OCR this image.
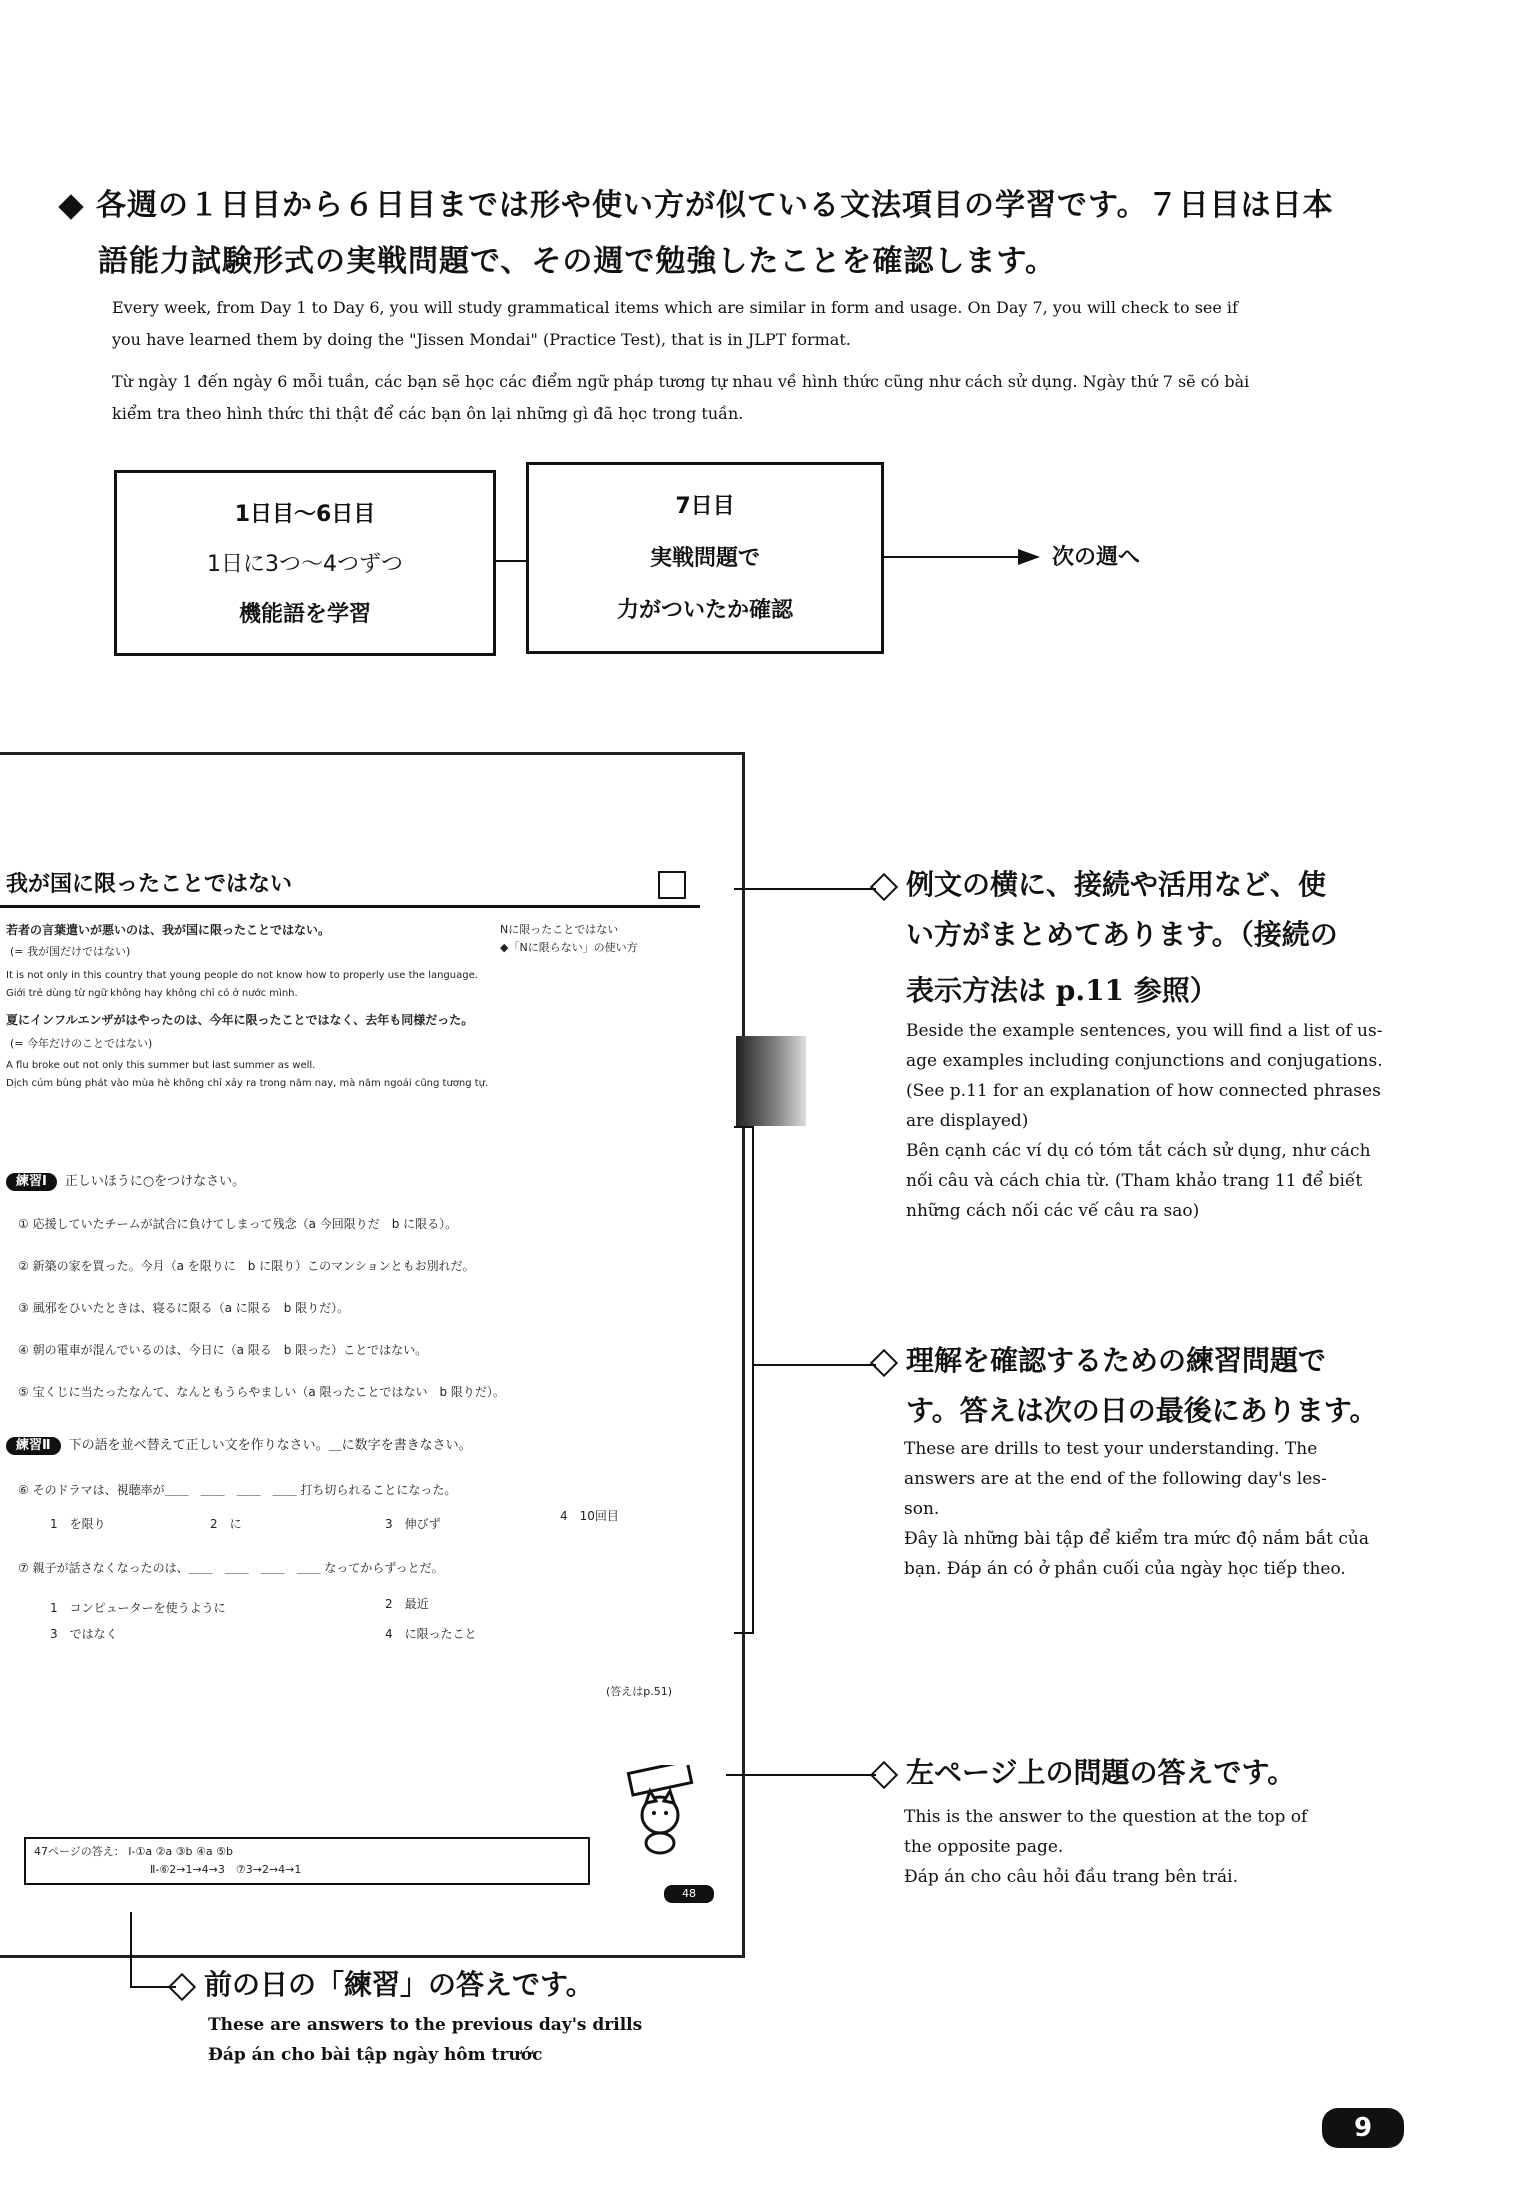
各週の１日目から６日目までは形や使い方が似ている文法項目の学習です。７日目は日本
語能力試験形式の実戦問題で、その週で勉強したことを確認します。
Every week, from Day 1 to Day 6, you will study grammatical items which are similar in form and usage. On Day 7, you will check to see if
you have learned them by doing the "Jissen Mondai" (Practice Test), that is in JLPT format.
Từ ngày 1 đến ngày 6 mỗi tuần, các bạn sẽ học các điểm ngữ pháp tương tự nhau về hình thức cũng như cách sử dụng. Ngày thứ 7 sẽ có bài
kiểm tra theo hình thức thi thật để các bạn ôn lại những gì đã học trong tuần.
1日目〜6日目
1日に3つ〜4つずつ
機能語を学習
7日目
実戦問題で
力がついたか確認
次の週へ
我が国に限ったことではない
若者の言葉遣いが悪いのは、我が国に限ったことではない。
(= 我が国だけではない)
Nに限ったことではない
◆「Nに限らない」の使い方
It is not only in this country that young people do not know how to properly use the language.
Giới trẻ dùng từ ngữ không hay không chỉ có ở nước mình.
夏にインフルエンザがはやったのは、今年に限ったことではなく、去年も同様だった。
(= 今年だけのことではない)
A flu broke out not only this summer but last summer as well.
Dịch cúm bùng phát vào mùa hè không chỉ xảy ra trong năm nay, mà năm ngoái cũng tương tự.
練習Ⅰ 正しいほうに○をつけなさい。
① 応援していたチームが試合に負けてしまって残念（a 今回限りだ　b に限る）。
② 新築の家を買った。今月（a を限りに　b に限り）このマンションともお別れだ。
③ 風邪をひいたときは、寝るに限る（a に限る　b 限りだ）。
④ 朝の電車が混んでいるのは、今日に（a 限る　b 限った）ことではない。
⑤ 宝くじに当たったなんて、なんともうらやましい（a 限ったことではない　b 限りだ）。
練習Ⅱ 下の語を並べ替えて正しい文を作りなさい。＿に数字を書きなさい。
⑥ そのドラマは、視聴率が＿＿　＿＿　＿＿　＿＿ 打ち切られることになった。
1　を限り	2　に	3　伸びず
4　10回目
⑦ 親子が話さなくなったのは、＿＿　＿＿　＿＿　＿＿ なってからずっとだ。
1　コンピューターを使うように	2　最近
3　ではなく	4　に限ったこと
(答えはp.51)
47ページの答え： Ⅰ-①a ②a ③b ④a ⑤b
Ⅱ-⑥2→1→4→3　⑦3→2→4→1
48
例文の横に、接続や活用など、使
い方がまとめてあります。（接続の
表示方法は p.11 参照）
Beside the example sentences, you will find a list of us-
age examples including conjunctions and conjugations.
(See p.11 for an explanation of how connected phrases
are displayed)
Bên cạnh các ví dụ có tóm tắt cách sử dụng, như cách
nối câu và cách chia từ. (Tham khảo trang 11 để biết
những cách nối các vế câu ra sao)
理解を確認するための練習問題で
す。答えは次の日の最後にあります。
These are drills to test your understanding. The
answers are at the end of the following day's les-
son.
Đây là những bài tập để kiểm tra mức độ nắm bắt của
bạn. Đáp án có ở phần cuối của ngày học tiếp theo.
左ページ上の問題の答えです。
This is the answer to the question at the top of
the opposite page.
Đáp án cho câu hỏi đầu trang bên trái.
前の日の「練習」の答えです。
These are answers to the previous day's drills
Đáp án cho bài tập ngày hôm trước
9
